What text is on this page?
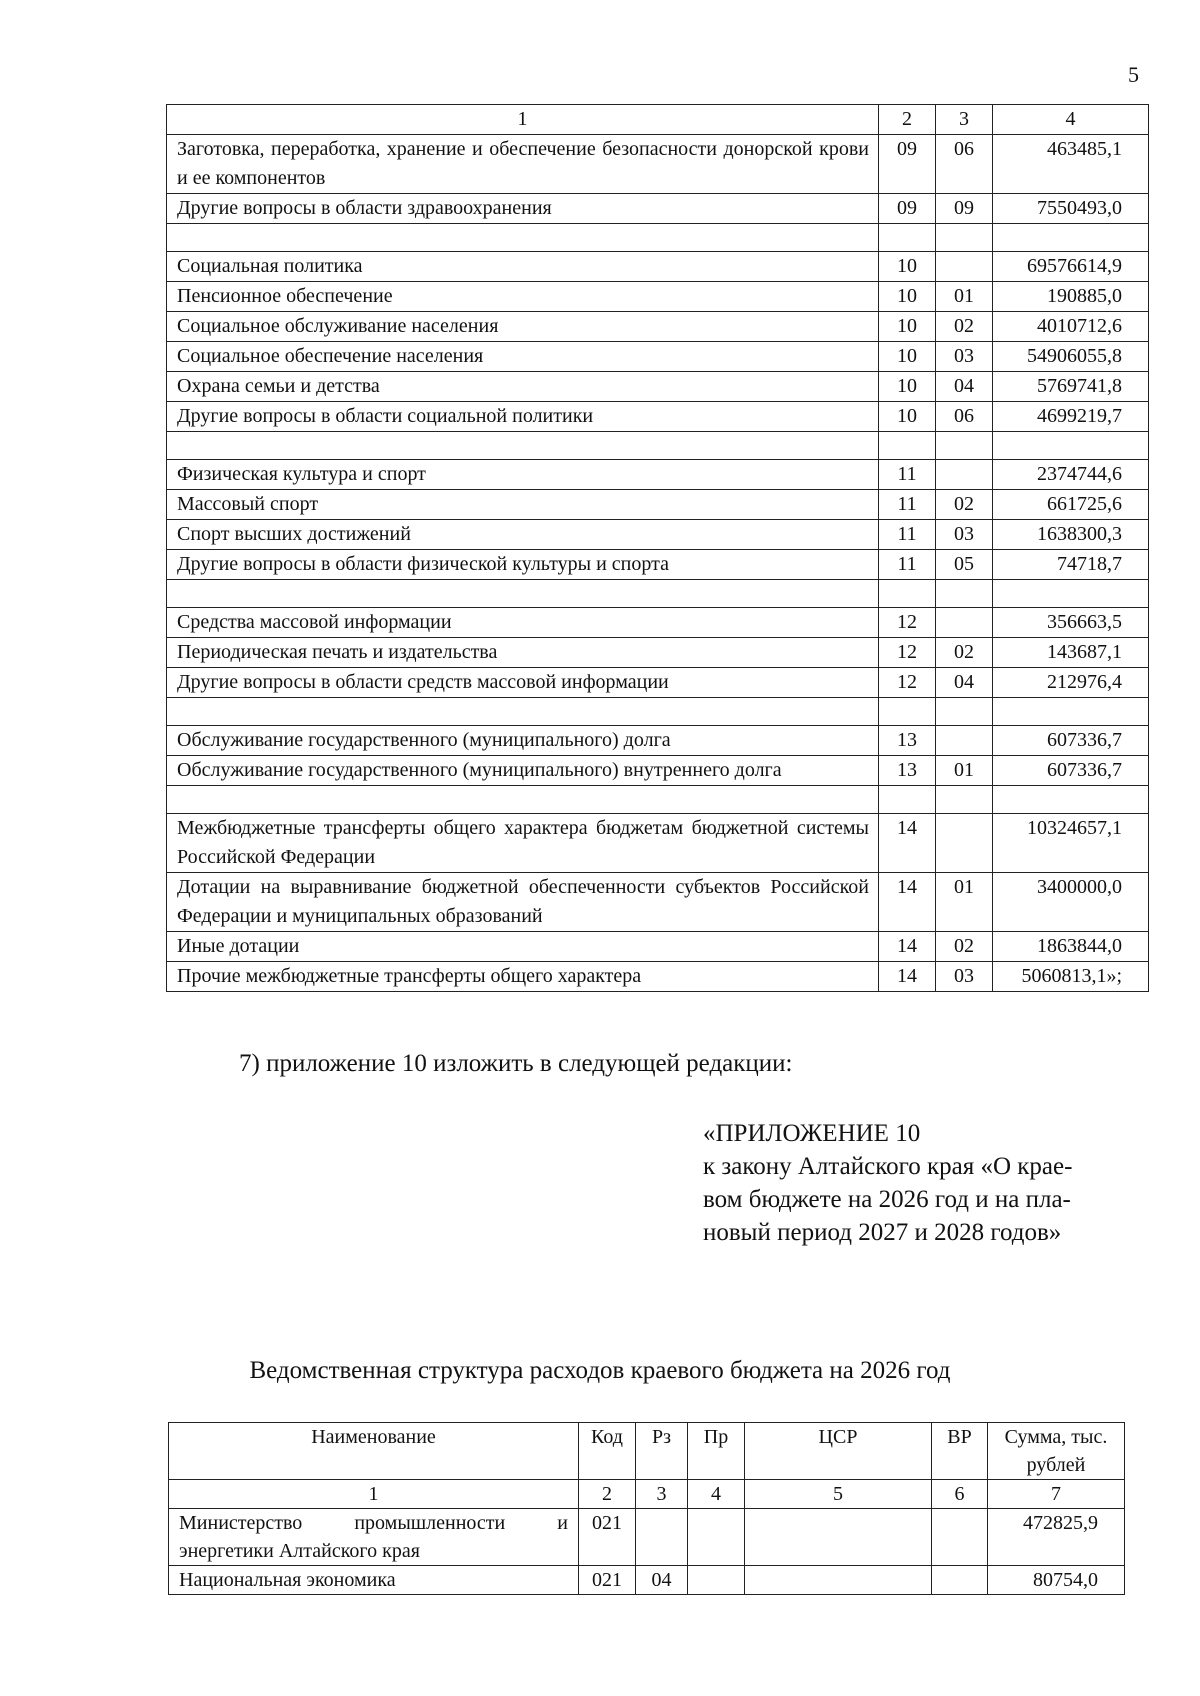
5
1	2	3	4
Заготовка, переработка, хранение и обеспечение безопасности донорской крови и ее компонентов	09	06	463485,1
Другие вопросы в области здравоохранения	09	09	7550493,0

Социальная политика	10		69576614,9
Пенсионное обеспечение	10	01	190885,0
Социальное обслуживание населения	10	02	4010712,6
Социальное обеспечение населения	10	03	54906055,8
Охрана семьи и детства	10	04	5769741,8
Другие вопросы в области социальной политики	10	06	4699219,7

Физическая культура и спорт	11		2374744,6
Массовый спорт	11	02	661725,6
Спорт высших достижений	11	03	1638300,3
Другие вопросы в области физической культуры и спорта	11	05	74718,7

Средства массовой информации	12		356663,5
Периодическая печать и издательства	12	02	143687,1
Другие вопросы в области средств массовой информации	12	04	212976,4

Обслуживание государственного (муниципального) долга	13		607336,7
Обслуживание государственного (муниципального) внутреннего долга	13	01	607336,7

Межбюджетные трансферты общего характера бюджетам бюджетной системы Российской Федерации	14		10324657,1
Дотации на выравнивание бюджетной обеспеченности субъектов Российской Федерации и муниципальных образований	14	01	3400000,0
Иные дотации	14	02	1863844,0
Прочие межбюджетные трансферты общего характера	14	03	5060813,1»;
7) приложение 10 изложить в следующей редакции:
«ПРИЛОЖЕНИЕ 10
к закону Алтайского края «О крае-
вом бюджете на 2026 год и на пла-
новый период 2027 и 2028 годов»
Ведомственная структура расходов краевого бюджета на 2026 год
Наименование	Код	Рз	Пр	ЦСР	ВР	Сумма, тыс. рублей
1	2	3	4	5	6	7
Министерство промышленности и энергетики Алтайского края	021					472825,9
Национальная экономика	021	04				80754,0
